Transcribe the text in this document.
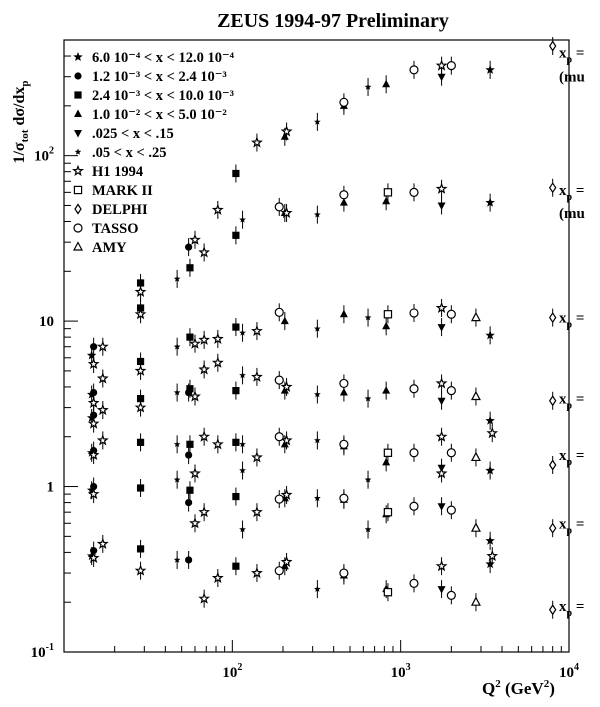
ZEUS 1994-97 Preliminary
$10^2$	$10^3$	$10^4$
$10^{-1}$
1
10
$10^2$
6.0 10⁻⁴ < x < 12.0 10⁻⁴
1.2 10⁻³ < x < 2.4 10⁻³
2.4 10⁻³ < x < 10.0 10⁻³
1.0 10⁻² < x < 5.0 10⁻²
.025 < x < .15
.05 < x < .25
H1 1994
MARK II
DELPHI
TASSO
AMY
$x_p$ =
(mu
$x_p$ =
(mu
$x_p$ =
$x_p$ =
$x_p$ =
$x_p$ =
$x_p$ =
$1/\sigma_{tot}$ $d\sigma/dx_p$
$Q^2$ (GeV$^2$)
